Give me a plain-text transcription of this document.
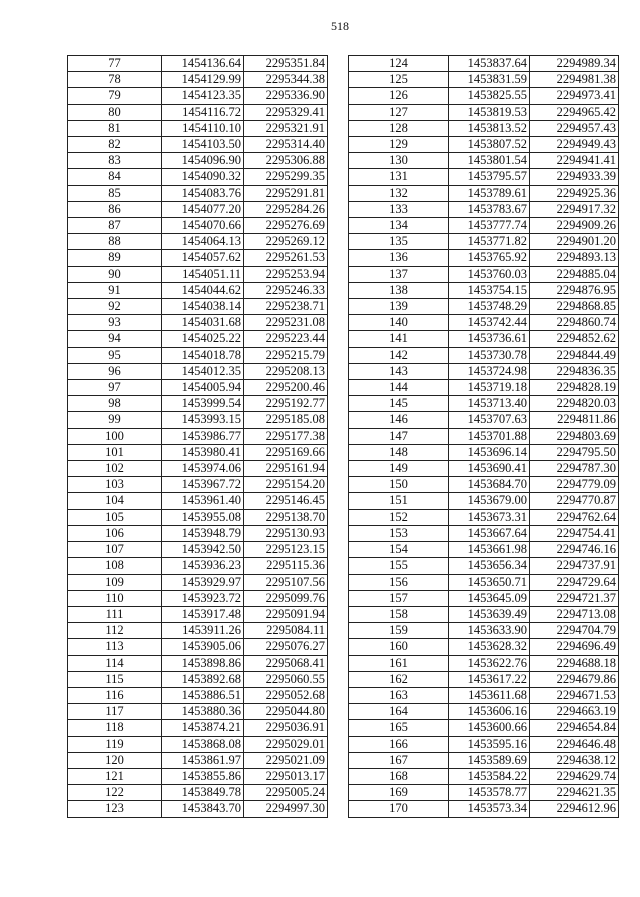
518
77	1454136.64	2295351.84
78	1454129.99	2295344.38
79	1454123.35	2295336.90
80	1454116.72	2295329.41
81	1454110.10	2295321.91
82	1454103.50	2295314.40
83	1454096.90	2295306.88
84	1454090.32	2295299.35
85	1454083.76	2295291.81
86	1454077.20	2295284.26
87	1454070.66	2295276.69
88	1454064.13	2295269.12
89	1454057.62	2295261.53
90	1454051.11	2295253.94
91	1454044.62	2295246.33
92	1454038.14	2295238.71
93	1454031.68	2295231.08
94	1454025.22	2295223.44
95	1454018.78	2295215.79
96	1454012.35	2295208.13
97	1454005.94	2295200.46
98	1453999.54	2295192.77
99	1453993.15	2295185.08
100	1453986.77	2295177.38
101	1453980.41	2295169.66
102	1453974.06	2295161.94
103	1453967.72	2295154.20
104	1453961.40	2295146.45
105	1453955.08	2295138.70
106	1453948.79	2295130.93
107	1453942.50	2295123.15
108	1453936.23	2295115.36
109	1453929.97	2295107.56
110	1453923.72	2295099.76
111	1453917.48	2295091.94
112	1453911.26	2295084.11
113	1453905.06	2295076.27
114	1453898.86	2295068.41
115	1453892.68	2295060.55
116	1453886.51	2295052.68
117	1453880.36	2295044.80
118	1453874.21	2295036.91
119	1453868.08	2295029.01
120	1453861.97	2295021.09
121	1453855.86	2295013.17
122	1453849.78	2295005.24
123	1453843.70	2294997.30
124	1453837.64	2294989.34
125	1453831.59	2294981.38
126	1453825.55	2294973.41
127	1453819.53	2294965.42
128	1453813.52	2294957.43
129	1453807.52	2294949.43
130	1453801.54	2294941.41
131	1453795.57	2294933.39
132	1453789.61	2294925.36
133	1453783.67	2294917.32
134	1453777.74	2294909.26
135	1453771.82	2294901.20
136	1453765.92	2294893.13
137	1453760.03	2294885.04
138	1453754.15	2294876.95
139	1453748.29	2294868.85
140	1453742.44	2294860.74
141	1453736.61	2294852.62
142	1453730.78	2294844.49
143	1453724.98	2294836.35
144	1453719.18	2294828.19
145	1453713.40	2294820.03
146	1453707.63	2294811.86
147	1453701.88	2294803.69
148	1453696.14	2294795.50
149	1453690.41	2294787.30
150	1453684.70	2294779.09
151	1453679.00	2294770.87
152	1453673.31	2294762.64
153	1453667.64	2294754.41
154	1453661.98	2294746.16
155	1453656.34	2294737.91
156	1453650.71	2294729.64
157	1453645.09	2294721.37
158	1453639.49	2294713.08
159	1453633.90	2294704.79
160	1453628.32	2294696.49
161	1453622.76	2294688.18
162	1453617.22	2294679.86
163	1453611.68	2294671.53
164	1453606.16	2294663.19
165	1453600.66	2294654.84
166	1453595.16	2294646.48
167	1453589.69	2294638.12
168	1453584.22	2294629.74
169	1453578.77	2294621.35
170	1453573.34	2294612.96
